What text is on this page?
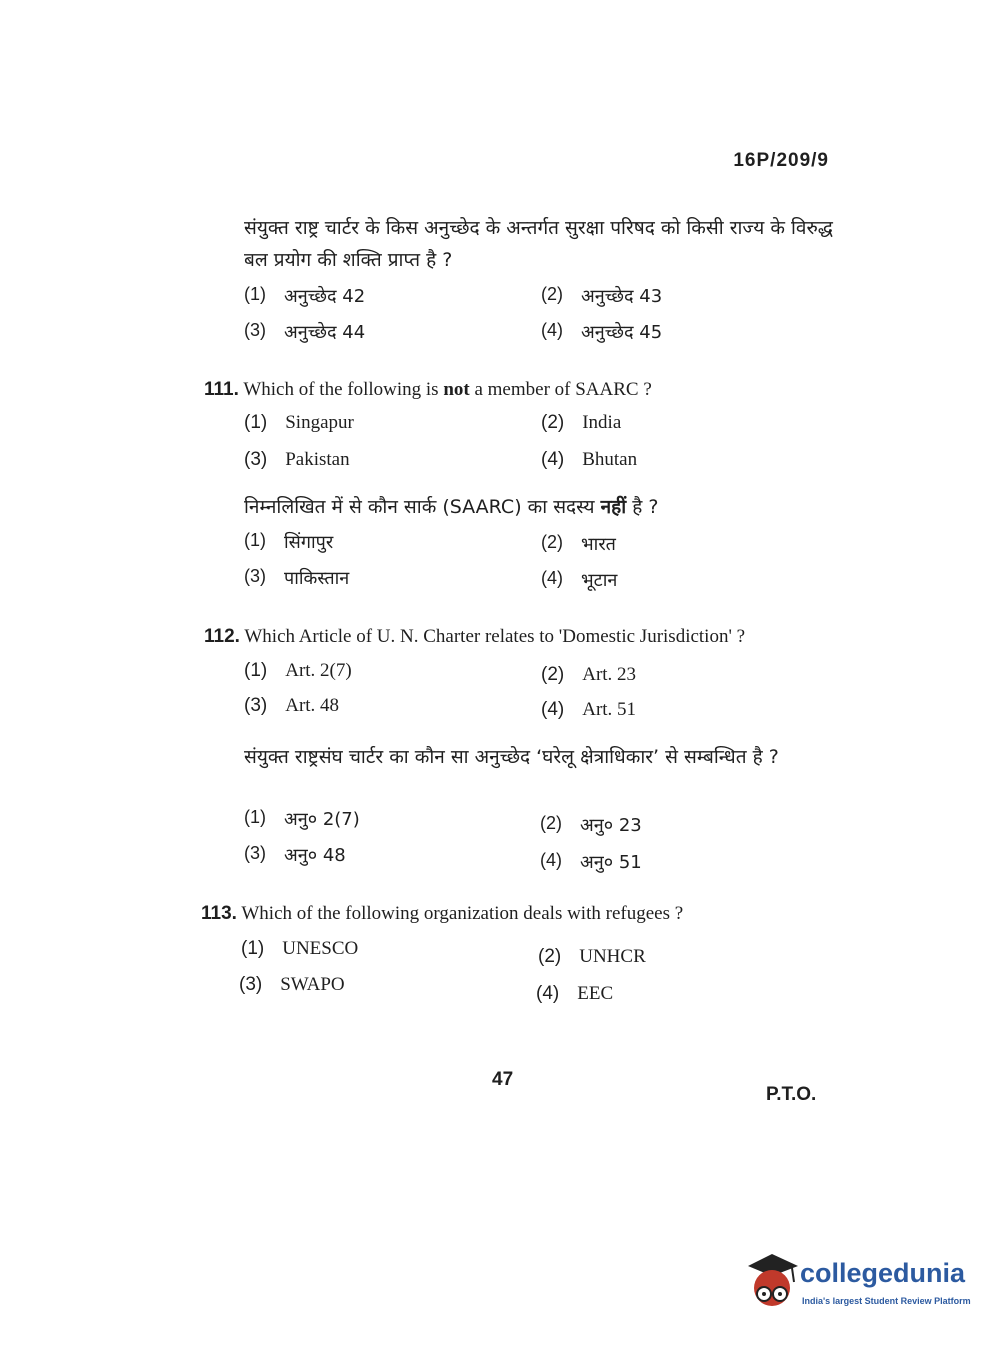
16P/209/9
संयुक्त राष्ट्र चार्टर के किस अनुच्छेद के अन्तर्गत सुरक्षा परिषद को किसी राज्य के विरुद्ध बल प्रयोग की शक्ति प्राप्त है ?
(1) अनुच्छेद 42	(2) अनुच्छेद 43
(3) अनुच्छेद 44	(4) अनुच्छेद 45
111. Which of the following is not a member of SAARC ?
(1) Singapur	(2) India
(3) Pakistan	(4) Bhutan
निम्नलिखित में से कौन सार्क (SAARC) का सदस्य नहीं है ?
(1) सिंगापुर	(2) भारत
(3) पाकिस्तान	(4) भूटान
112. Which Article of U. N. Charter relates to 'Domestic Jurisdiction' ?
(1) Art. 2(7)	(2) Art. 23
(3) Art. 48	(4) Art. 51
संयुक्त राष्ट्रसंघ चार्टर का कौन सा अनुच्छेद ‘घरेलू क्षेत्राधिकार’ से सम्बन्धित है ?
(1) अनु० 2(7)	(2) अनु० 23
(3) अनु० 48	(4) अनु० 51
113. Which of the following organization deals with refugees ?
(1) UNESCO	(2) UNHCR
(3) SWAPO	(4) EEC
47
P.T.O.
collegedunia
India's largest Student Review Platform
